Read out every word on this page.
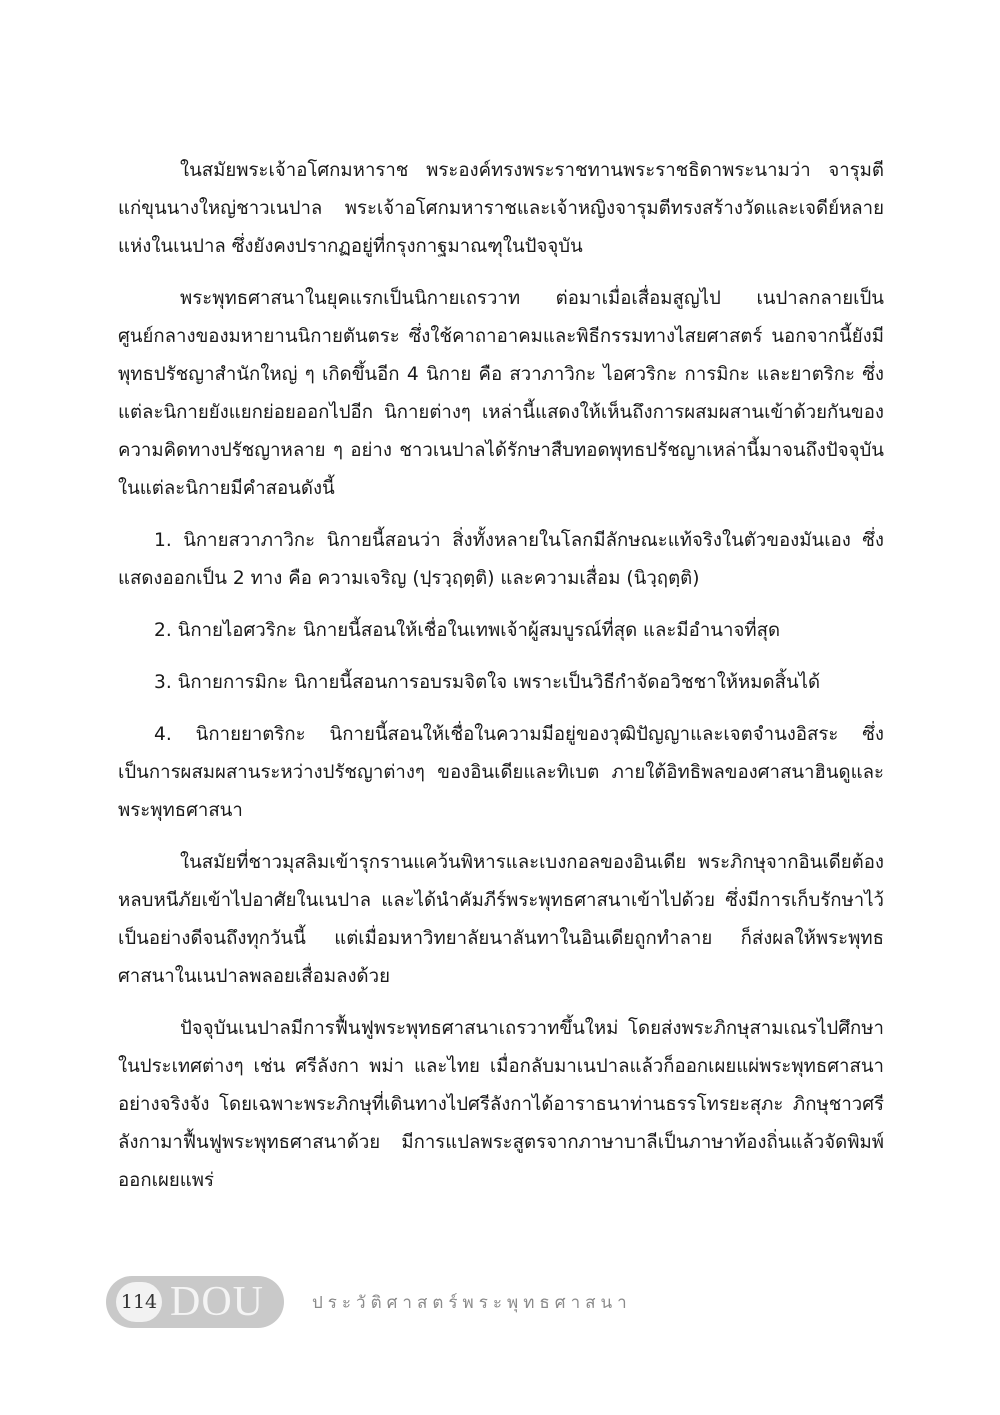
ในสมัยพระเจ้าอโศกมหาราช พระองค์ทรงพระราชทานพระราชธิดาพระนามว่า จารุมตี แก่ขุนนางใหญ่ชาวเนปาล พระเจ้าอโศกมหาราชและเจ้าหญิงจารุมตีทรงสร้างวัดและเจดีย์หลายแห่งในเนปาล ซึ่งยังคงปรากฏอยู่ที่กรุงกาฐมาณฑุในปัจจุบัน

พระพุทธศาสนาในยุคแรกเป็นนิกายเถรวาท ต่อมาเมื่อเสื่อมสูญไป เนปาลกลายเป็นศูนย์กลางของมหายานนิกายตันตระ ซึ่งใช้คาถาอาคมและพิธีกรรมทางไสยศาสตร์ นอกจากนี้ยังมีพุทธปรัชญาสำนักใหญ่ ๆ เกิดขึ้นอีก 4 นิกาย คือ สวาภาวิกะ ไอศวริกะ การมิกะ และยาตริกะ ซึ่งแต่ละนิกายยังแยกย่อยออกไปอีก นิกายต่างๆ เหล่านี้แสดงให้เห็นถึงการผสมผสานเข้าด้วยกันของความคิดทางปรัชญาหลาย ๆ อย่าง ชาวเนปาลได้รักษาสืบทอดพุทธปรัชญาเหล่านี้มาจนถึงปัจจุบัน ในแต่ละนิกายมีคำสอนดังนี้

1. นิกายสวาภาวิกะ นิกายนี้สอนว่า สิ่งทั้งหลายในโลกมีลักษณะแท้จริงในตัวของมันเอง ซึ่งแสดงออกเป็น 2 ทาง คือ ความเจริญ (ปฺรวฺฤตฺติ) และความเสื่อม (นิวฺฤตฺติ)

2. นิกายไอศวริกะ นิกายนี้สอนให้เชื่อในเทพเจ้าผู้สมบูรณ์ที่สุด และมีอำนาจที่สุด

3. นิกายการมิกะ นิกายนี้สอนการอบรมจิตใจ เพราะเป็นวิธีกำจัดอวิชชาให้หมดสิ้นได้

4. นิกายยาตริกะ นิกายนี้สอนให้เชื่อในความมีอยู่ของวุฒิปัญญาและเจตจำนงอิสระ ซึ่งเป็นการผสมผสานระหว่างปรัชญาต่างๆ ของอินเดียและทิเบต ภายใต้อิทธิพลของศาสนาฮินดูและพระพุทธศาสนา

ในสมัยที่ชาวมุสลิมเข้ารุกรานแคว้นพิหารและเบงกอลของอินเดีย พระภิกษุจากอินเดียต้องหลบหนีภัยเข้าไปอาศัยในเนปาล และได้นำคัมภีร์พระพุทธศาสนาเข้าไปด้วย ซึ่งมีการเก็บรักษาไว้เป็นอย่างดีจนถึงทุกวันนี้ แต่เมื่อมหาวิทยาลัยนาลันทาในอินเดียถูกทำลาย ก็ส่งผลให้พระพุทธศาสนาในเนปาลพลอยเสื่อมลงด้วย

ปัจจุบันเนปาลมีการฟื้นฟูพระพุทธศาสนาเถรวาทขึ้นใหม่ โดยส่งพระภิกษุสามเณรไปศึกษาในประเทศต่างๆ เช่น ศรีลังกา พม่า และไทย เมื่อกลับมาเนปาลแล้วก็ออกเผยแผ่พระพุทธศาสนาอย่างจริงจัง โดยเฉพาะพระภิกษุที่เดินทางไปศรีลังกาได้อาราธนาท่านธรรโทรยะสุภะ ภิกษุชาวศรีลังกามาฟื้นฟูพระพุทธศาสนาด้วย มีการแปลพระสูตรจากภาษาบาลีเป็นภาษาท้องถิ่นแล้วจัดพิมพ์ออกเผยแพร่

114 DOU	ประวัติศาสตร์พระพุทธศาสนา
